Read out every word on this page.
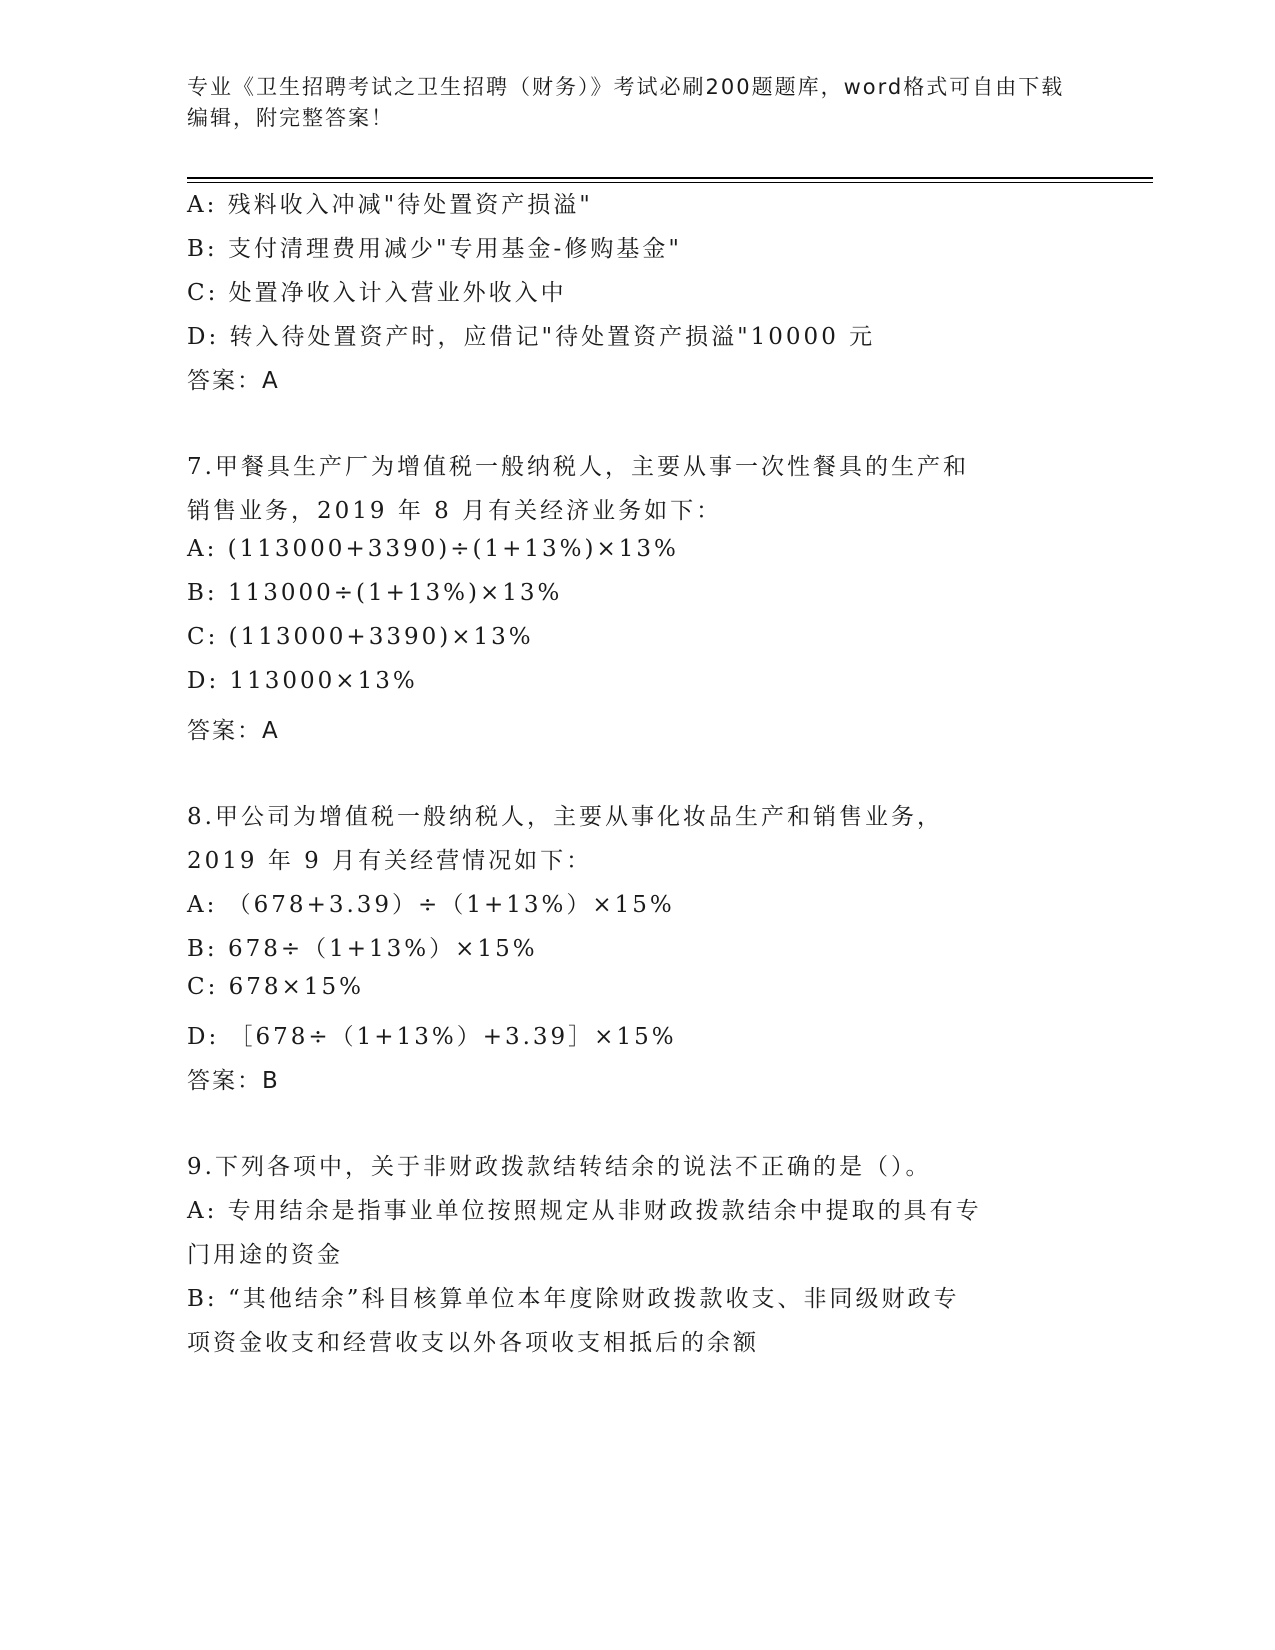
专业《卫生招聘考试之卫生招聘（财务）》考试必刷200题题库，word格式可自由下载编辑，附完整答案！
A: 残料收入冲减"待处置资产损溢"
B: 支付清理费用减少"专用基金-修购基金"
C: 处置净收入计入营业外收入中
D: 转入待处置资产时，应借记"待处置资产损溢"10000 元
答案：A
7.甲餐具生产厂为增值税一般纳税人，主要从事一次性餐具的生产和
销售业务，2019 年 8 月有关经济业务如下：
A: (113000+3390)÷(1+13%)×13%
B: 113000÷(1+13%)×13%
C: (113000+3390)×13%
D: 113000×13%
答案：A
8.甲公司为增值税一般纳税人，主要从事化妆品生产和销售业务，
2019 年 9 月有关经营情况如下：
A: （678+3.39）÷（1+13%）×15%
B: 678÷（1+13%）×15%
C: 678×15%
D: ［678÷（1+13%）+3.39］×15%
答案：B
9.下列各项中，关于非财政拨款结转结余的说法不正确的是（）。
A: 专用结余是指事业单位按照规定从非财政拨款结余中提取的具有专
门用途的资金
B: “其他结余”科目核算单位本年度除财政拨款收支、非同级财政专
项资金收支和经营收支以外各项收支相抵后的余额
